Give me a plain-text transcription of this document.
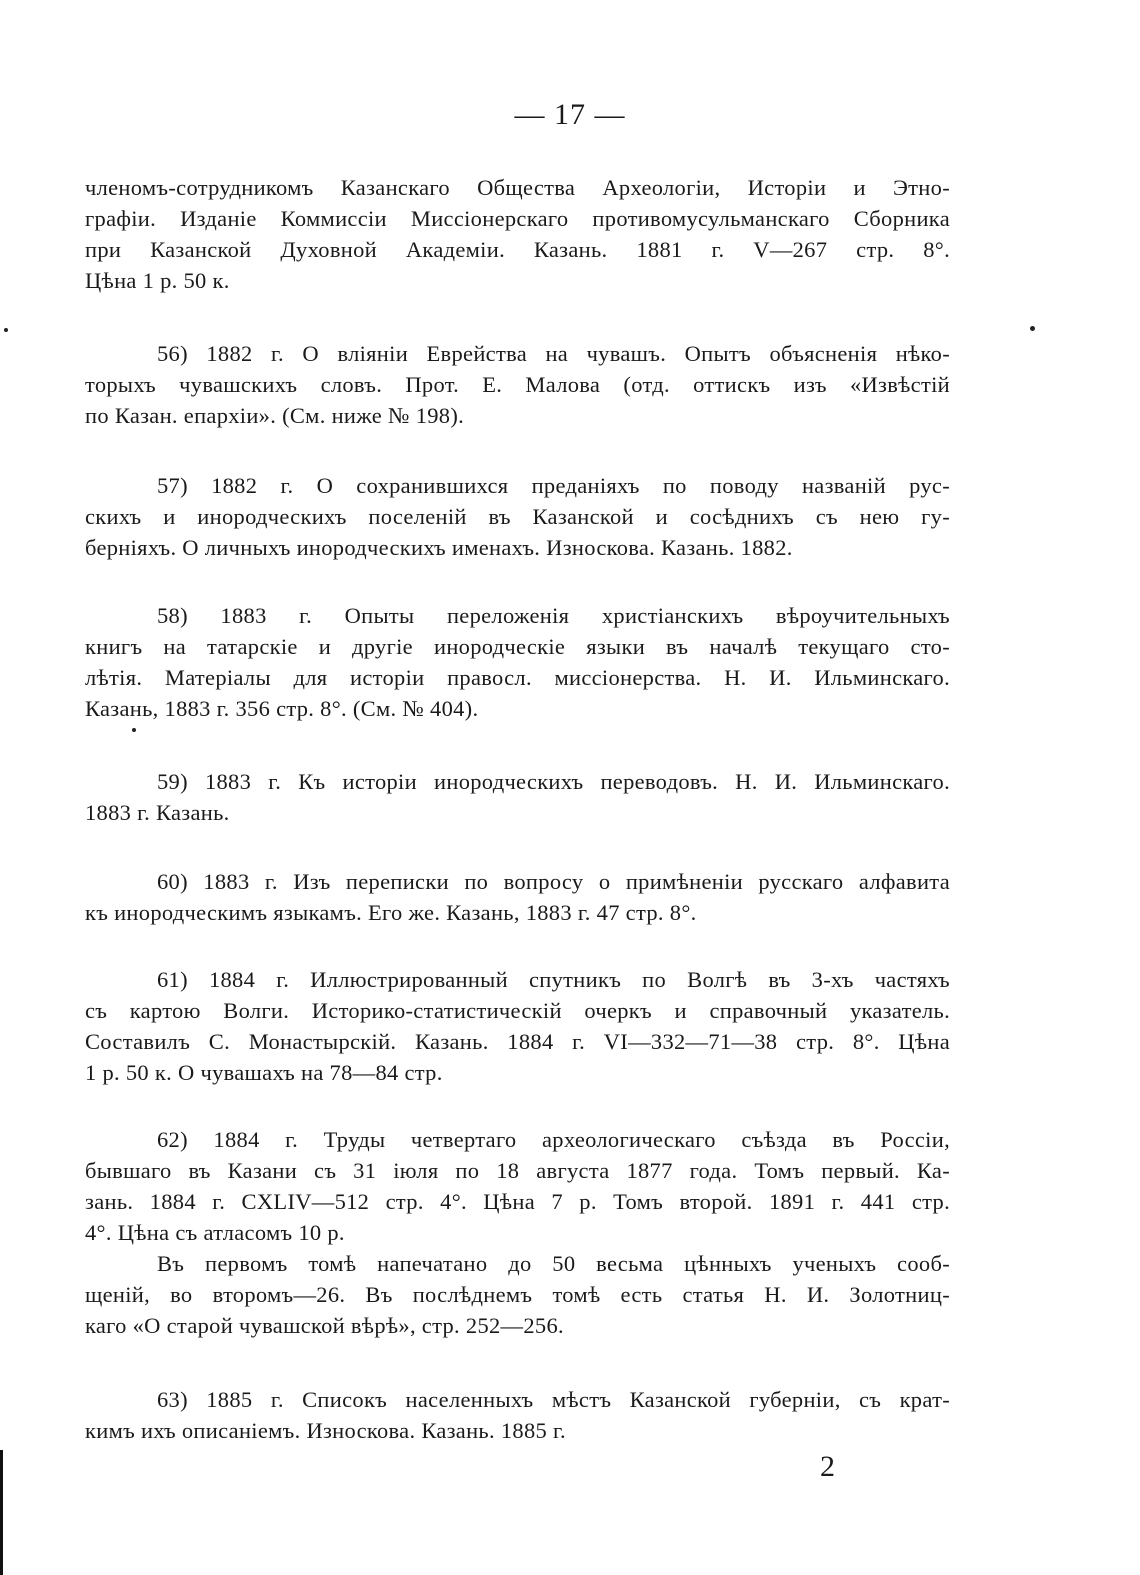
— 17 —
членомъ-сотрудникомъ Казанскаго Общества Археологіи, Исторіи и Этно-
графіи. Изданіе Коммиссіи Миссіонерскаго противомусульманскаго Сборника
при Казанской Духовной Академіи. Казань. 1881 г. V—267 стр. 8°.
Цѣна 1 р. 50 к.
56) 1882 г. О вліяніи Еврейства на чувашъ. Опытъ объясненія нѣко-
торыхъ чувашскихъ словъ. Прот. Е. Малова (отд. оттискъ изъ «Извѣстій
по Казан. епархіи». (См. ниже № 198).
57) 1882 г. О сохранившихся преданіяхъ по поводу названій рус-
скихъ и инородческихъ поселеній въ Казанской и сосѣднихъ съ нею гу-
берніяхъ. О личныхъ инородческихъ именахъ. Износкова. Казань. 1882.
58) 1883 г. Опыты переложенія христіанскихъ вѣроучительныхъ
книгъ на татарскіе и другіе инородческіе языки въ началѣ текущаго сто-
лѣтія. Матеріалы для исторіи правосл. миссіонерства. Н. И. Ильминскаго.
Казань, 1883 г. 356 стр. 8°. (См. № 404).
59) 1883 г. Къ исторіи инородческихъ переводовъ. Н. И. Ильминскаго.
1883 г. Казань.
60) 1883 г. Изъ переписки по вопросу о примѣненіи русскаго алфавита
къ инородческимъ языкамъ. Его же. Казань, 1883 г. 47 стр. 8°.
61) 1884 г. Иллюстрированный спутникъ по Волгѣ въ 3-хъ частяхъ
съ картою Волги. Историко-статистическій очеркъ и справочный указатель.
Составилъ С. Монастырскій. Казань. 1884 г. VI—332—71—38 стр. 8°. Цѣна
1 р. 50 к. О чувашахъ на 78—84 стр.
62) 1884 г. Труды четвертаго археологическаго съѣзда въ Россіи,
бывшаго въ Казани съ 31 іюля по 18 августа 1877 года. Томъ первый. Ка-
зань. 1884 г. CXLIV—512 стр. 4°. Цѣна 7 р. Томъ второй. 1891 г. 441 стр.
4°. Цѣна съ атласомъ 10 р.
Въ первомъ томѣ напечатано до 50 весьма цѣнныхъ ученыхъ сооб-
щеній, во второмъ—26. Въ послѣднемъ томѣ есть статья Н. И. Золотниц-
каго «О старой чувашской вѣрѣ», стр. 252—256.
63) 1885 г. Списокъ населенныхъ мѣстъ Казанской губерніи, съ крат-
кимъ ихъ описаніемъ. Износкова. Казань. 1885 г.
2
